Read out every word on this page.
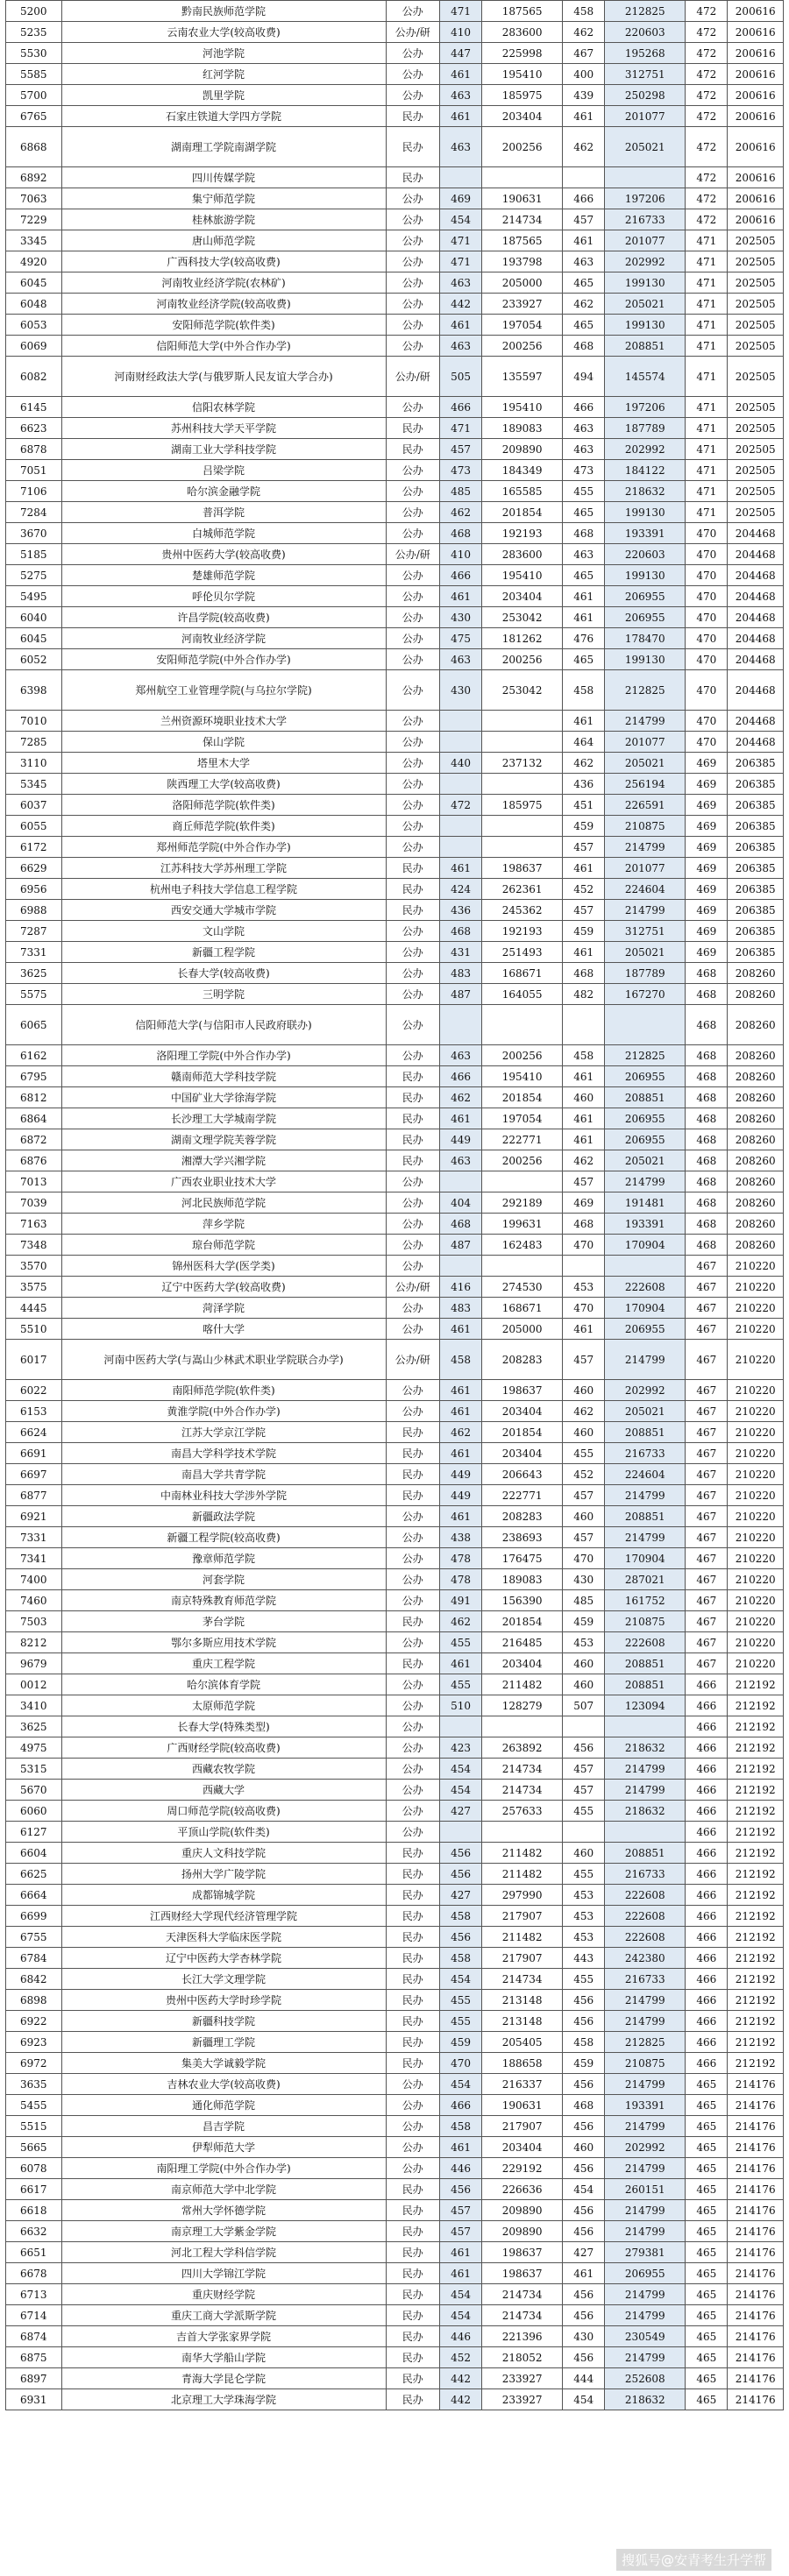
5200	黔南民族师范学院	公办	471	187565	458	212825	472	200616
5235	云南农业大学(较高收费)	公办/研	410	283600	462	220603	472	200616
5530	河池学院	公办	447	225998	467	195268	472	200616
5585	红河学院	公办	461	195410	400	312751	472	200616
5700	凯里学院	公办	463	185975	439	250298	472	200616
6765	石家庄铁道大学四方学院	民办	461	203404	461	201077	472	200616
6868	湖南理工学院南湖学院	民办	463	200256	462	205021	472	200616
6892	四川传媒学院	民办					472	200616
7063	集宁师范学院	公办	469	190631	466	197206	472	200616
7229	桂林旅游学院	公办	454	214734	457	216733	472	200616
3345	唐山师范学院	公办	471	187565	461	201077	471	202505
4920	广西科技大学(较高收费)	公办	471	193798	463	202992	471	202505
6045	河南牧业经济学院(农林矿)	公办	463	205000	465	199130	471	202505
6048	河南牧业经济学院(较高收费)	公办	442	233927	462	205021	471	202505
6053	安阳师范学院(软件类)	公办	461	197054	465	199130	471	202505
6069	信阳师范大学(中外合作办学)	公办	463	200256	468	208851	471	202505
6082	河南财经政法大学(与俄罗斯人民友谊大学合办)	公办/研	505	135597	494	145574	471	202505
6145	信阳农林学院	公办	466	195410	466	197206	471	202505
6623	苏州科技大学天平学院	民办	471	189083	463	187789	471	202505
6878	湖南工业大学科技学院	民办	457	209890	463	202992	471	202505
7051	吕梁学院	公办	473	184349	473	184122	471	202505
7106	哈尔滨金融学院	公办	485	165585	455	218632	471	202505
7284	普洱学院	公办	462	201854	465	199130	471	202505
3670	白城师范学院	公办	468	192193	468	193391	470	204468
5185	贵州中医药大学(较高收费)	公办/研	410	283600	463	220603	470	204468
5275	楚雄师范学院	公办	466	195410	465	199130	470	204468
5495	呼伦贝尔学院	公办	461	203404	461	206955	470	204468
6040	许昌学院(较高收费)	公办	430	253042	461	206955	470	204468
6045	河南牧业经济学院	公办	475	181262	476	178470	470	204468
6052	安阳师范学院(中外合作办学)	公办	463	200256	465	199130	470	204468
6398	郑州航空工业管理学院(与乌拉尔学院)	公办	430	253042	458	212825	470	204468
7010	兰州资源环境职业技术大学	公办			461	214799	470	204468
7285	保山学院	公办			464	201077	470	204468
3110	塔里木大学	公办	440	237132	462	205021	469	206385
5345	陕西理工大学(较高收费)	公办			436	256194	469	206385
6037	洛阳师范学院(软件类)	公办	472	185975	451	226591	469	206385
6055	商丘师范学院(软件类)	公办			459	210875	469	206385
6172	郑州师范学院(中外合作办学)	公办			457	214799	469	206385
6629	江苏科技大学苏州理工学院	民办	461	198637	461	201077	469	206385
6956	杭州电子科技大学信息工程学院	民办	424	262361	452	224604	469	206385
6988	西安交通大学城市学院	民办	436	245362	457	214799	469	206385
7287	文山学院	公办	468	192193	459	312751	469	206385
7331	新疆工程学院	公办	431	251493	461	205021	469	206385
3625	长春大学(较高收费)	公办	483	168671	468	187789	468	208260
5575	三明学院	公办	487	164055	482	167270	468	208260
6065	信阳师范大学(与信阳市人民政府联办)	公办					468	208260
6162	洛阳理工学院(中外合作办学)	公办	463	200256	458	212825	468	208260
6795	赣南师范大学科技学院	民办	466	195410	461	206955	468	208260
6812	中国矿业大学徐海学院	民办	462	201854	460	208851	468	208260
6864	长沙理工大学城南学院	民办	461	197054	461	206955	468	208260
6872	湖南文理学院芙蓉学院	民办	449	222771	461	206955	468	208260
6876	湘潭大学兴湘学院	民办	463	200256	462	205021	468	208260
7013	广西农业职业技术大学	公办			457	214799	468	208260
7039	河北民族师范学院	公办	404	292189	469	191481	468	208260
7163	萍乡学院	公办	468	199631	468	193391	468	208260
7348	琼台师范学院	公办	487	162483	470	170904	468	208260
3570	锦州医科大学(医学类)	公办					467	210220
3575	辽宁中医药大学(较高收费)	公办/研	416	274530	453	222608	467	210220
4445	菏泽学院	公办	483	168671	470	170904	467	210220
5510	喀什大学	公办	461	205000	461	206955	467	210220
6017	河南中医药大学(与嵩山少林武术职业学院联合办学)	公办/研	458	208283	457	214799	467	210220
6022	南阳师范学院(软件类)	公办	461	198637	460	202992	467	210220
6153	黄淮学院(中外合作办学)	公办	461	203404	462	205021	467	210220
6624	江苏大学京江学院	民办	462	201854	460	208851	467	210220
6691	南昌大学科学技术学院	民办	461	203404	455	216733	467	210220
6697	南昌大学共青学院	民办	449	206643	452	224604	467	210220
6877	中南林业科技大学涉外学院	民办	449	222771	457	214799	467	210220
6921	新疆政法学院	公办	461	208283	460	208851	467	210220
7331	新疆工程学院(较高收费)	公办	438	238693	457	214799	467	210220
7341	豫章师范学院	公办	478	176475	470	170904	467	210220
7400	河套学院	公办	478	189083	430	287021	467	210220
7460	南京特殊教育师范学院	公办	491	156390	485	161752	467	210220
7503	茅台学院	民办	462	201854	459	210875	467	210220
8212	鄂尔多斯应用技术学院	公办	455	216485	453	222608	467	210220
9679	重庆工程学院	民办	461	203404	460	208851	467	210220
0012	哈尔滨体育学院	公办	455	211482	460	208851	466	212192
3410	太原师范学院	公办	510	128279	507	123094	466	212192
3625	长春大学(特殊类型)	公办					466	212192
4975	广西财经学院(较高收费)	公办	423	263892	456	218632	466	212192
5315	西藏农牧学院	公办	454	214734	457	214799	466	212192
5670	西藏大学	公办	454	214734	457	214799	466	212192
6060	周口师范学院(较高收费)	公办	427	257633	455	218632	466	212192
6127	平顶山学院(软件类)	公办					466	212192
6604	重庆人文科技学院	民办	456	211482	460	208851	466	212192
6625	扬州大学广陵学院	民办	456	211482	455	216733	466	212192
6664	成都锦城学院	民办	427	297990	453	222608	466	212192
6699	江西财经大学现代经济管理学院	民办	458	217907	453	222608	466	212192
6755	天津医科大学临床医学院	民办	456	211482	453	222608	466	212192
6784	辽宁中医药大学杏林学院	民办	458	217907	443	242380	466	212192
6842	长江大学文理学院	民办	454	214734	455	216733	466	212192
6898	贵州中医药大学时珍学院	民办	455	213148	456	214799	466	212192
6922	新疆科技学院	民办	455	213148	456	214799	466	212192
6923	新疆理工学院	民办	459	205405	458	212825	466	212192
6972	集美大学诚毅学院	民办	470	188658	459	210875	466	212192
3635	吉林农业大学(较高收费)	公办	454	216337	456	214799	465	214176
5455	通化师范学院	公办	466	190631	468	193391	465	214176
5515	昌吉学院	公办	458	217907	456	214799	465	214176
5665	伊犁师范大学	公办	461	203404	460	202992	465	214176
6078	南阳理工学院(中外合作办学)	公办	446	229192	456	214799	465	214176
6617	南京师范大学中北学院	民办	456	226636	454	260151	465	214176
6618	常州大学怀德学院	民办	457	209890	456	214799	465	214176
6632	南京理工大学紫金学院	民办	457	209890	456	214799	465	214176
6651	河北工程大学科信学院	民办	461	198637	427	279381	465	214176
6678	四川大学锦江学院	民办	461	198637	461	206955	465	214176
6713	重庆财经学院	民办	454	214734	456	214799	465	214176
6714	重庆工商大学派斯学院	民办	454	214734	456	214799	465	214176
6874	吉首大学张家界学院	民办	446	221396	430	230549	465	214176
6875	南华大学船山学院	民办	452	218052	456	214799	465	214176
6897	青海大学昆仑学院	民办	442	233927	444	252608	465	214176
6931	北京理工大学珠海学院	民办	442	233927	454	218632	465	214176
搜狐号@安青考生升学帮
